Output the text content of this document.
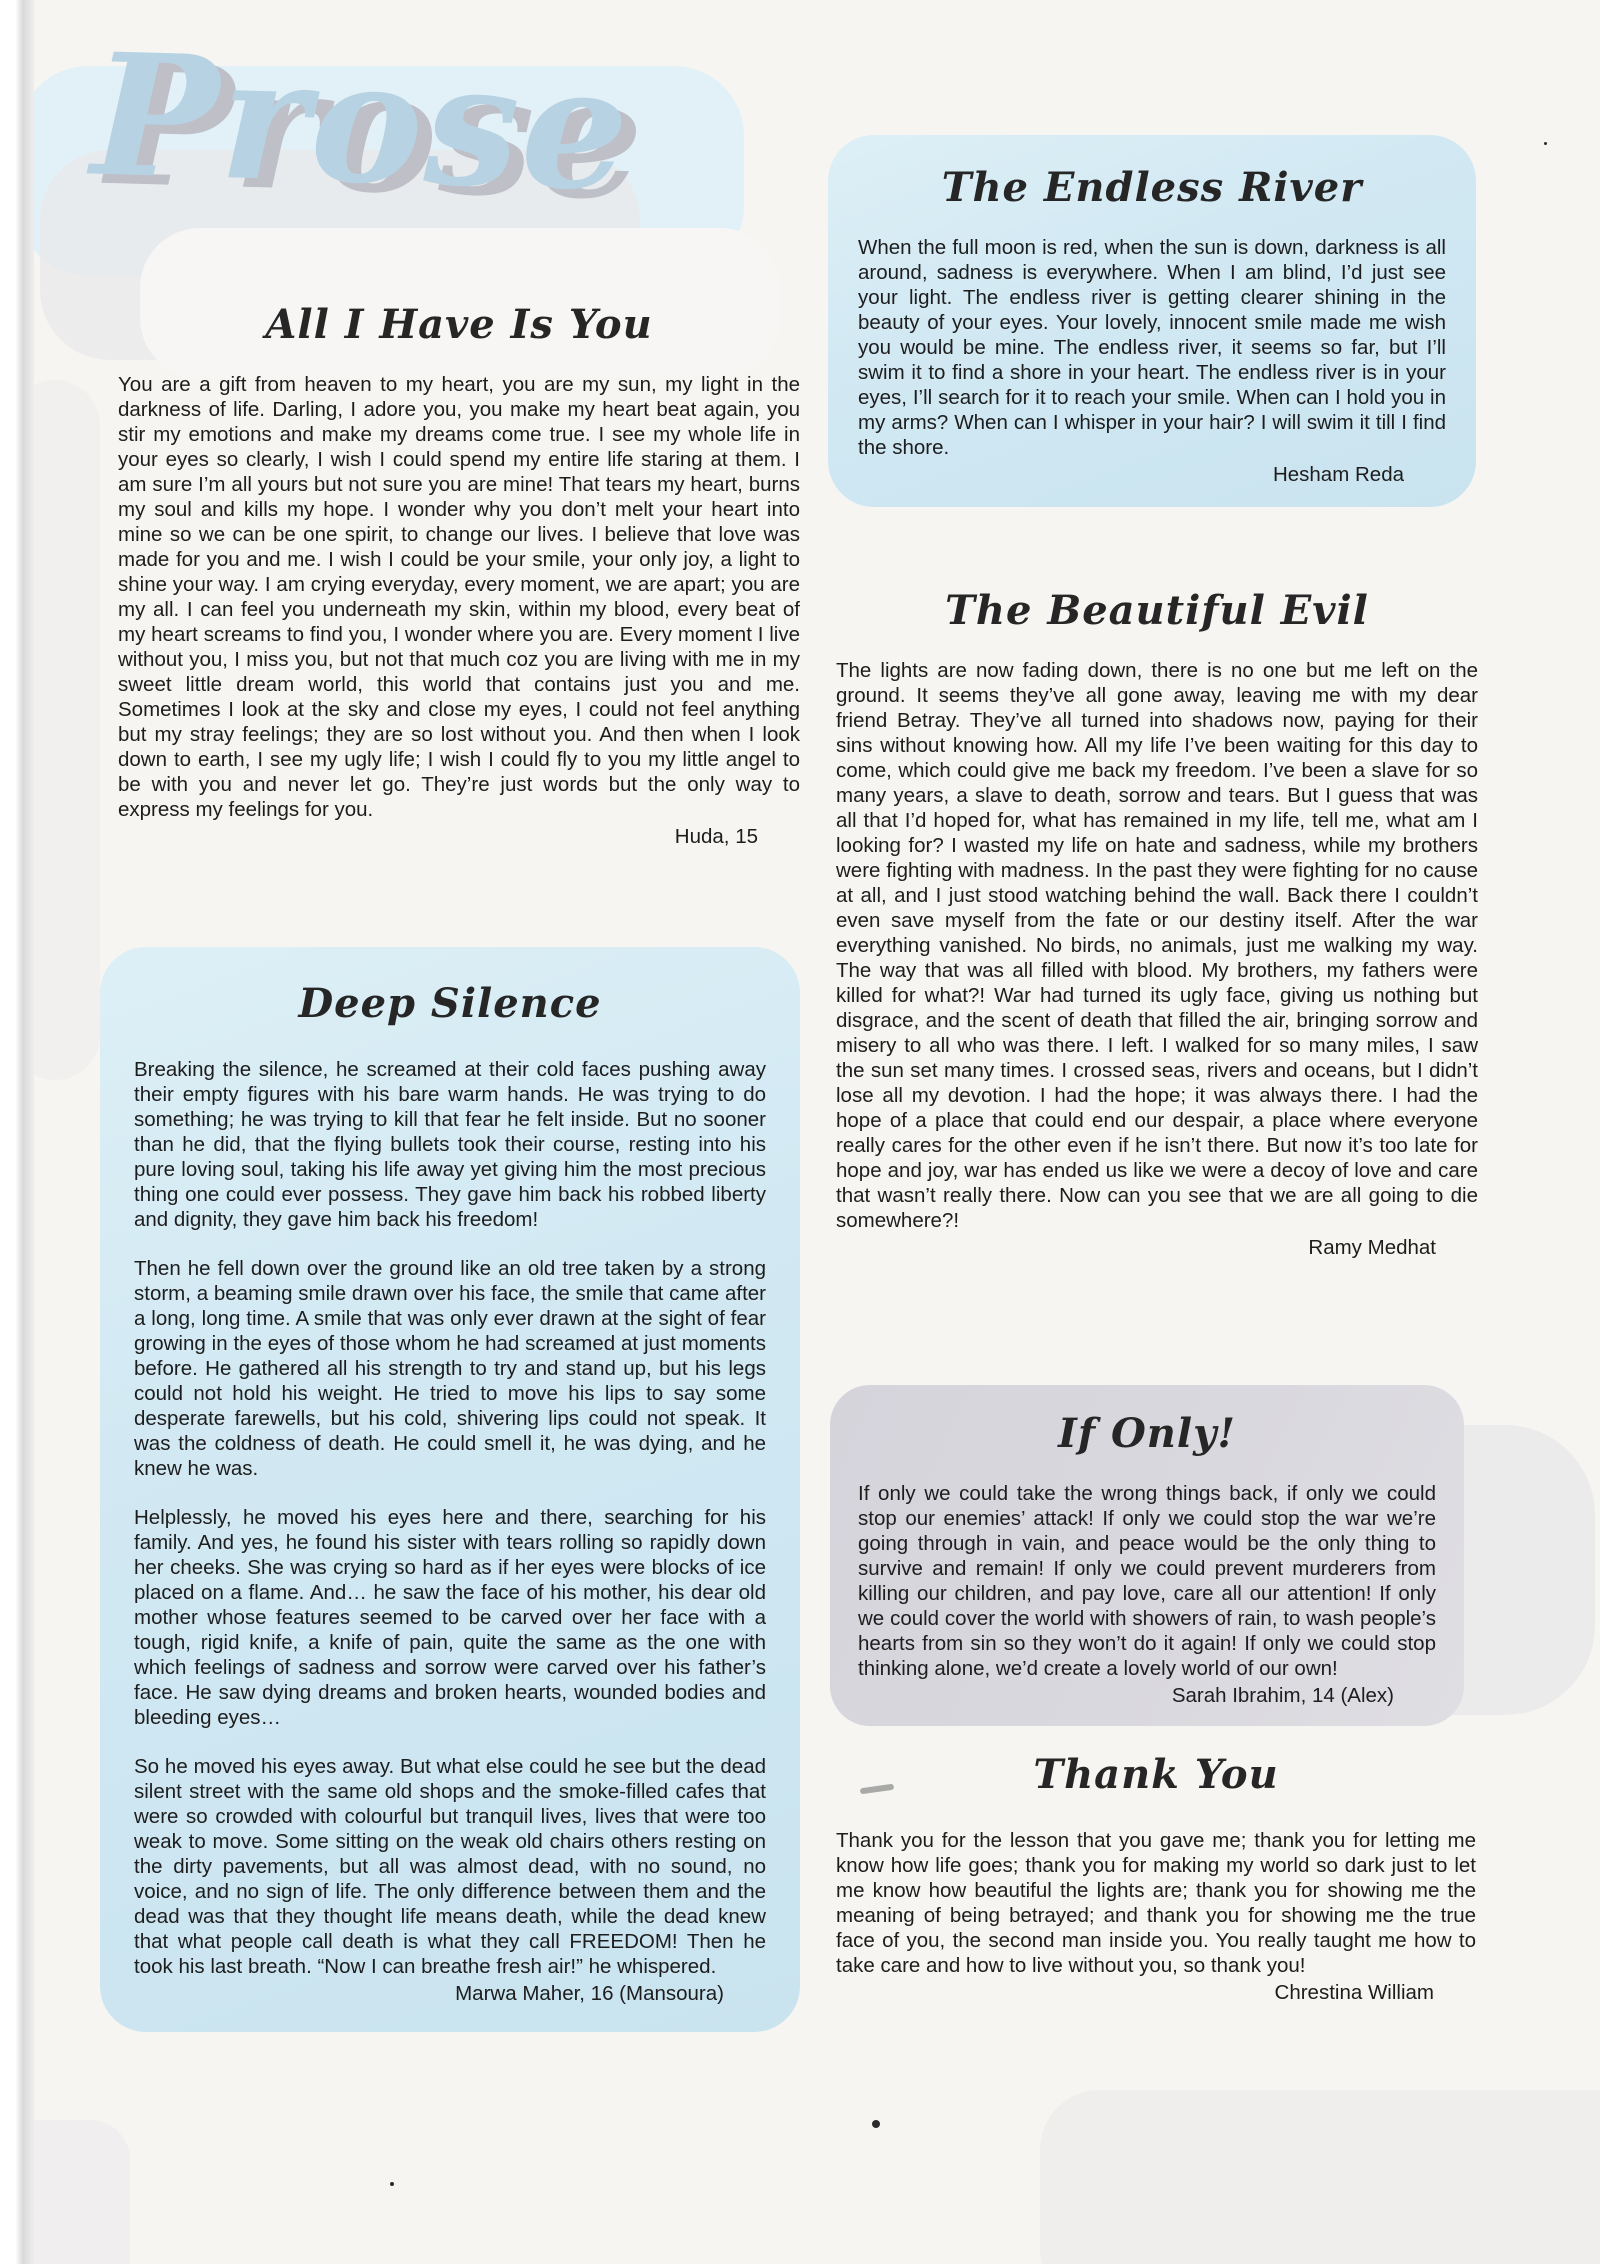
Prose
All I Have Is You

You are a gift from heaven to my heart, you are my sun, my light in the darkness of life. Darling, I adore you, you make my heart beat again, you stir my emotions and make my dreams come true. I see my whole life in your eyes so clearly, I wish I could spend my entire life staring at them. I am sure I’m all yours but not sure you are mine! That tears my heart, burns my soul and kills my hope. I wonder why you don’t melt your heart into mine so we can be one spirit, to change our lives. I believe that love was made for you and me. I wish I could be your smile, your only joy, a light to shine your way. I am crying everyday, every moment, we are apart; you are my all. I can feel you underneath my skin, within my blood, every beat of my heart screams to find you, I wonder where you are. Every moment I live without you, I miss you, but not that much coz you are living with me in my sweet little dream world, this world that contains just you and me. Sometimes I look at the sky and close my eyes, I could not feel anything but my stray feelings; they are so lost without you. And then when I look down to earth, I see my ugly life; I wish I could fly to you my little angel to be with you and never let go. They’re just words but the only way to express my feelings for you.

Huda, 15
Deep Silence

Breaking the silence, he screamed at their cold faces pushing away their empty figures with his bare warm hands. He was trying to do something; he was trying to kill that fear he felt inside. But no sooner than he did, that the flying bullets took their course, resting into his pure loving soul, taking his life away yet giving him the most precious thing one could ever possess. They gave him back his robbed liberty and dignity, they gave him back his freedom!

Then he fell down over the ground like an old tree taken by a strong storm, a beaming smile drawn over his face, the smile that came after a long, long time. A smile that was only ever drawn at the sight of fear growing in the eyes of those whom he had screamed at just moments before. He gathered all his strength to try and stand up, but his legs could not hold his weight. He tried to move his lips to say some desperate farewells, but his cold, shivering lips could not speak. It was the coldness of death. He could smell it, he was dying, and he knew he was.

Helplessly, he moved his eyes here and there, searching for his family. And yes, he found his sister with tears rolling so rapidly down her cheeks. She was crying so hard as if her eyes were blocks of ice placed on a flame. And… he saw the face of his mother, his dear old mother whose features seemed to be carved over her face with a tough, rigid knife, a knife of pain, quite the same as the one with which feelings of sadness and sorrow were carved over his father’s face. He saw dying dreams and broken hearts, wounded bodies and bleeding eyes…

So he moved his eyes away. But what else could he see but the dead silent street with the same old shops and the smoke-filled cafes that were so crowded with colourful but tranquil lives, lives that were too weak to move. Some sitting on the weak old chairs others resting on the dirty pavements, but all was almost dead, with no sound, no voice, and no sign of life. The only difference between them and the dead was that they thought life means death, while the dead knew that what people call death is what they call FREEDOM! Then he took his last breath. “Now I can breathe fresh air!” he whispered.

Marwa Maher, 16 (Mansoura)
The Endless River

When the full moon is red, when the sun is down, darkness is all around, sadness is everywhere. When I am blind, I’d just see your light. The endless river is getting clearer shining in the beauty of your eyes. Your lovely, innocent smile made me wish you would be mine. The endless river, it seems so far, but I’ll swim it to find a shore in your heart. The endless river is in your eyes, I’ll search for it to reach your smile. When can I hold you in my arms? When can I whisper in your hair? I will swim it till I find the shore.

Hesham Reda
The Beautiful Evil

The lights are now fading down, there is no one but me left on the ground. It seems they’ve all gone away, leaving me with my dear friend Betray. They’ve all turned into shadows now, paying for their sins without knowing how. All my life I’ve been waiting for this day to come, which could give me back my freedom. I’ve been a slave for so many years, a slave to death, sorrow and tears. But I guess that was all that I’d hoped for, what has remained in my life, tell me, what am I looking for? I wasted my life on hate and sadness, while my brothers were fighting with madness. In the past they were fighting for no cause at all, and I just stood watching behind the wall. Back there I couldn’t even save myself from the fate or our destiny itself. After the war everything vanished. No birds, no animals, just me walking my way. The way that was all filled with blood. My brothers, my fathers were killed for what?! War had turned its ugly face, giving us nothing but disgrace, and the scent of death that filled the air, bringing sorrow and misery to all who was there. I left. I walked for so many miles, I saw the sun set many times. I crossed seas, rivers and oceans, but I didn’t lose all my devotion. I had the hope; it was always there. I had the hope of a place that could end our despair, a place where everyone really cares for the other even if he isn’t there. But now it’s too late for hope and joy, war has ended us like we were a decoy of love and care that wasn’t really there. Now can you see that we are all going to die somewhere?!

Ramy Medhat
If Only!

If only we could take the wrong things back, if only we could stop our enemies’ attack! If only we could stop the war we’re going through in vain, and peace would be the only thing to survive and remain! If only we could prevent murderers from killing our children, and pay love, care all our attention! If only we could cover the world with showers of rain, to wash people’s hearts from sin so they won’t do it again! If only we could stop thinking alone, we’d create a lovely world of our own!

Sarah Ibrahim, 14 (Alex)
Thank You

Thank you for the lesson that you gave me; thank you for letting me know how life goes; thank you for making my world so dark just to let me know how beautiful the lights are; thank you for showing me the meaning of being betrayed; and thank you for showing me the true face of you, the second man inside you. You really taught me how to take care and how to live without you, so thank you!

Chrestina William
